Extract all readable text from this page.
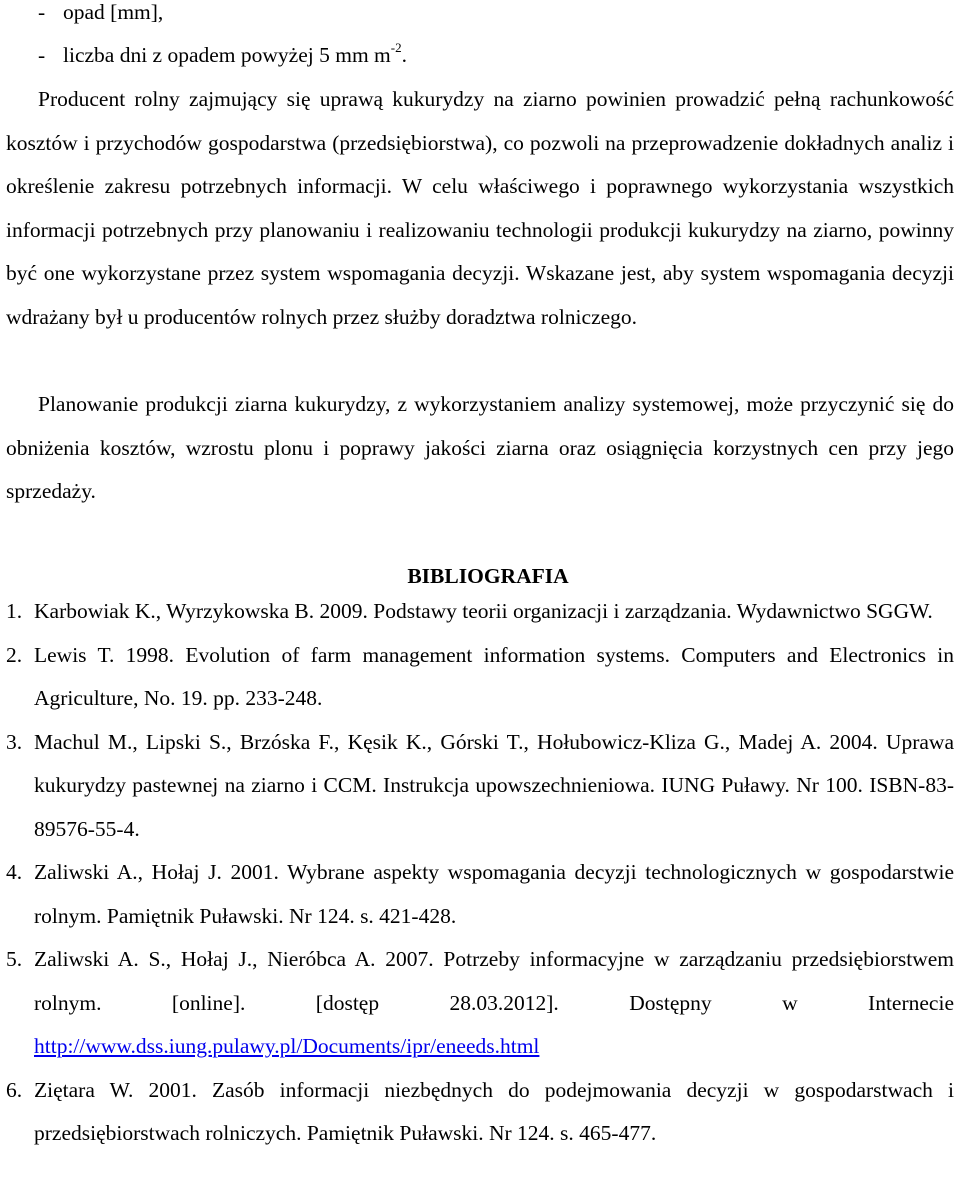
- opad [mm],
- liczba dni z opadem powyżej 5 mm $m^{-2}$.

Producent rolny zajmujący się uprawą kukurydzy na ziarno powinien prowadzić pełną rachunkowość kosztów i przychodów gospodarstwa (przedsiębiorstwa), co pozwoli na przeprowadzenie dokładnych analiz i określenie zakresu potrzebnych informacji. W celu właściwego i poprawnego wykorzystania wszystkich informacji potrzebnych przy planowaniu i realizowaniu technologii produkcji kukurydzy na ziarno, powinny być one wykorzystane przez system wspomagania decyzji. Wskazane jest, aby system wspomagania decyzji wdrażany był u producentów rolnych przez służby doradztwa rolniczego.

Planowanie produkcji ziarna kukurydzy, z wykorzystaniem analizy systemowej, może przyczynić się do obniżenia kosztów, wzrostu plonu i poprawy jakości ziarna oraz osiągnięcia korzystnych cen przy jego sprzedaży.

BIBLIOGRAFIA
1. Karbowiak K., Wyrzykowska B. 2009. Podstawy teorii organizacji i zarządzania. Wydawnictwo SGGW.
2. Lewis T. 1998. Evolution of farm management information systems. Computers and Electronics in Agriculture, No. 19. pp. 233-248.
3. Machul M., Lipski S., Brzóska F., Kęsik K., Górski T., Hołubowicz-Kliza G., Madej A. 2004. Uprawa kukurydzy pastewnej na ziarno i CCM. Instrukcja upowszechnieniowa. IUNG Puławy. Nr 100. ISBN-83-89576-55-4.
4. Zaliwski A., Hołaj J. 2001. Wybrane aspekty wspomagania decyzji technologicznych w gospodarstwie rolnym. Pamiętnik Puławski. Nr 124. s. 421-428.
5. Zaliwski A. S., Hołaj J., Nieróbca A. 2007. Potrzeby informacyjne w zarządzaniu przedsiębiorstwem rolnym. [online]. [dostęp 28.03.2012]. Dostępny w Internecie http://www.dss.iung.pulawy.pl/Documents/ipr/eneeds.html
6. Ziętara W. 2001. Zasób informacji niezbędnych do podejmowania decyzji w gospodarstwach i przedsiębiorstwach rolniczych. Pamiętnik Puławski. Nr 124. s. 465-477.
